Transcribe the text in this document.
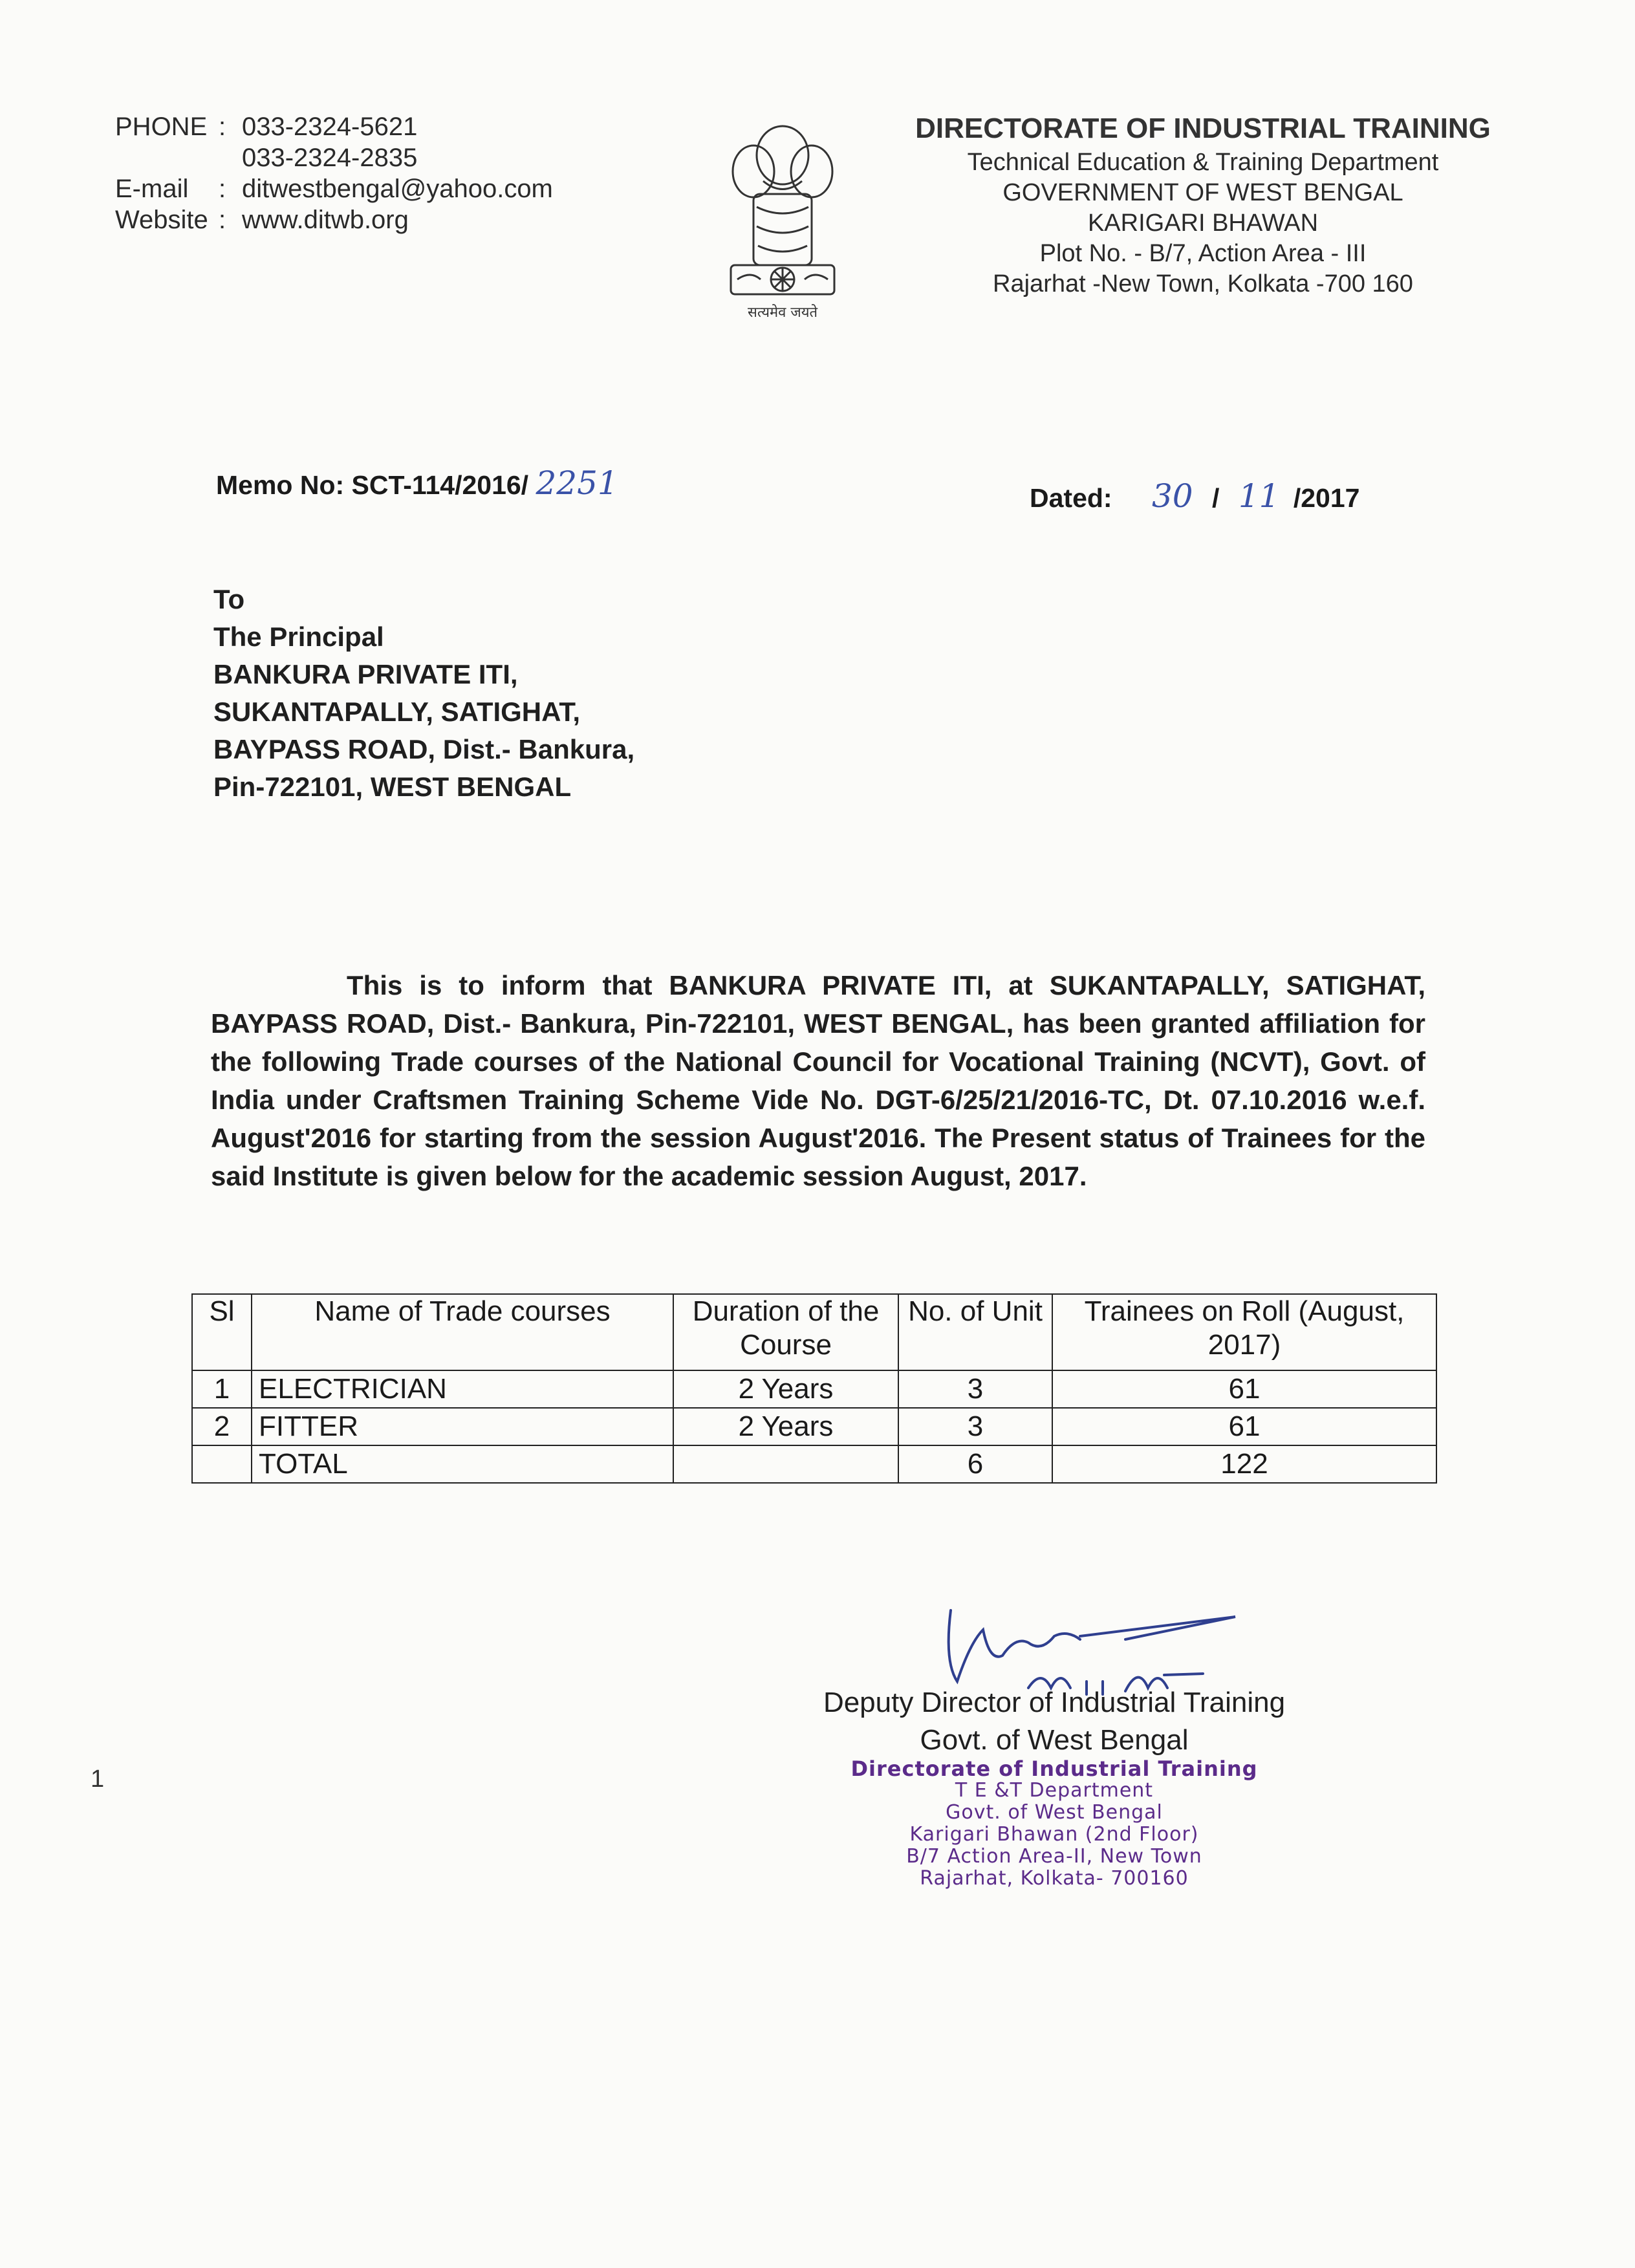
PHONE : 033-2324-5621
033-2324-2835
E-mail	: ditwestbengal@yahoo.com
Website : www.ditwb.org
सत्यमेव जयते
DIRECTORATE OF INDUSTRIAL TRAINING
Technical Education & Training Department
GOVERNMENT OF WEST BENGAL
KARIGARI BHAWAN
Plot No. - B/7, Action Area - III
Rajarhat -New Town, Kolkata -700 160
Memo No: SCT-114/2016/ 2251	Dated: 30 / 11 /2017
To
The Principal
BANKURA PRIVATE ITI,
SUKANTAPALLY, SATIGHAT,
BAYPASS ROAD, Dist.- Bankura,
Pin-722101, WEST BENGAL
This is to inform that BANKURA PRIVATE ITI, at SUKANTAPALLY, SATIGHAT, BAYPASS ROAD, Dist.- Bankura, Pin-722101, WEST BENGAL, has been granted affiliation for the following Trade courses of the National Council for Vocational Training (NCVT), Govt. of India under Craftsmen Training Scheme Vide No. DGT-6/25/21/2016-TC, Dt. 07.10.2016 w.e.f. August'2016 for starting from the session August'2016. The Present status of Trainees for the said Institute is given below for the academic session August, 2017.
Sl	Name of Trade courses	Duration of the Course	No. of Unit	Trainees on Roll (August, 2017)
1	ELECTRICIAN	2 Years	3	61
2	FITTER	2 Years	3	61
	TOTAL		6	122
Deputy Director of Industrial Training
Govt. of West Bengal
Directorate of Industrial Training
T E &T Department
Govt. of West Bengal
Karigari Bhawan (2nd Floor)
B/7 Action Area-II, New Town
Rajarhat, Kolkata- 700160
1
